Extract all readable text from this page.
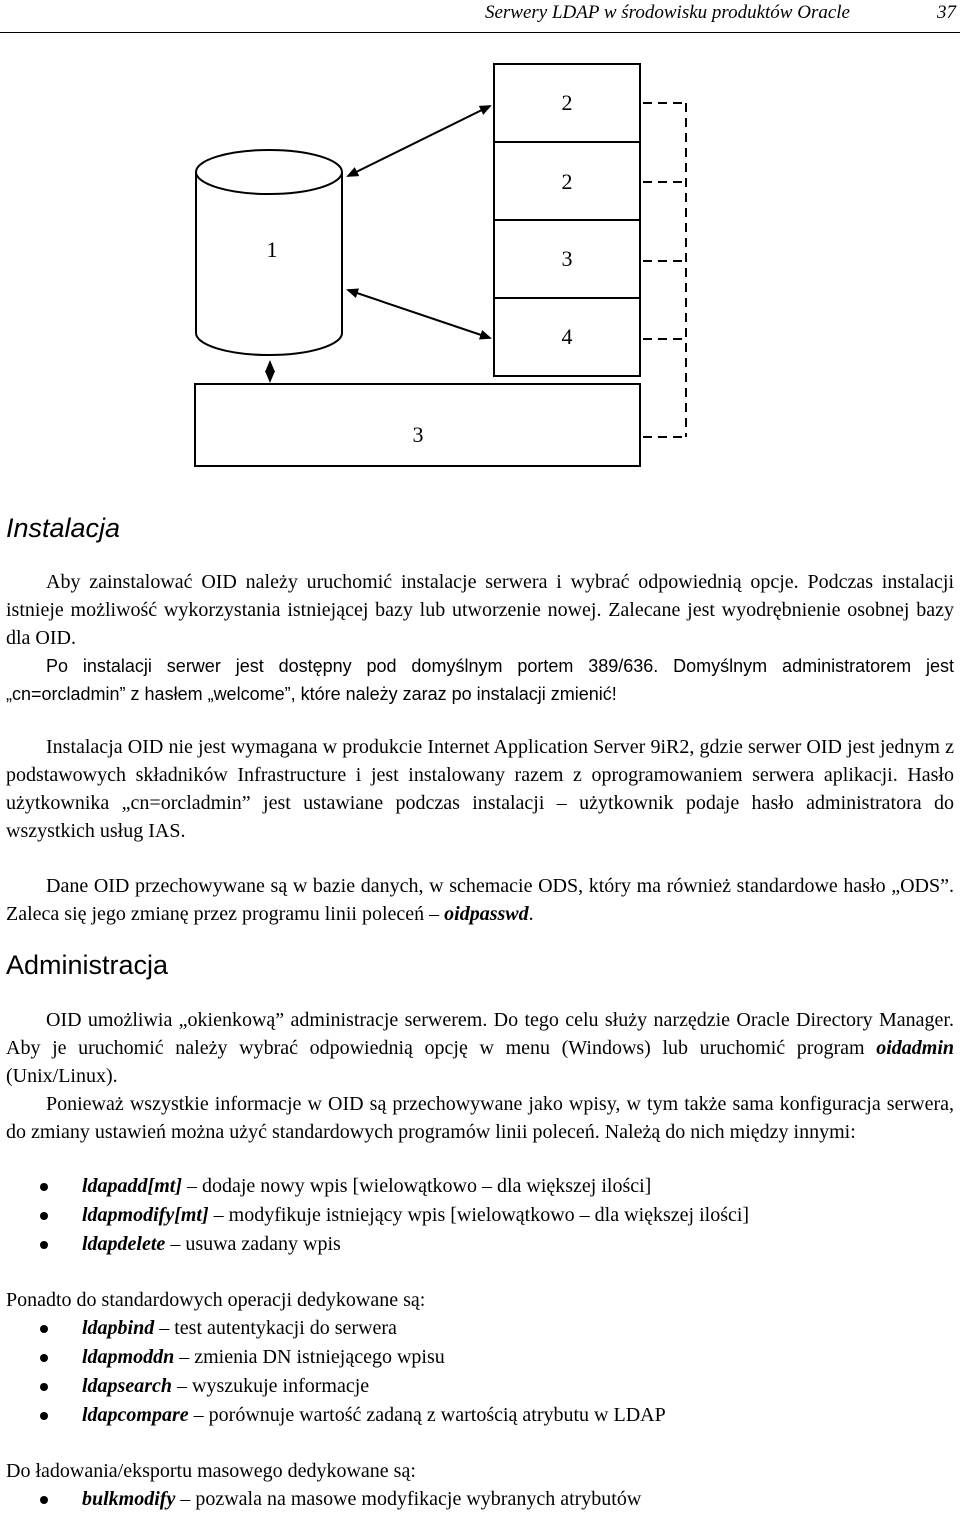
Serwery LDAP w środowisku produktów Oracle	37
1
2
2
3
4
3
Instalacja

Aby zainstalować OID należy uruchomić instalacje serwera i wybrać odpowiednią opcje. Podczas instalacji istnieje możliwość wykorzystania istniejącej bazy lub utworzenie nowej. Zalecane jest wyodrębnienie osobnej bazy dla OID.

Po instalacji serwer jest dostępny pod domyślnym portem 389/636. Domyślnym administratorem jest „cn=orcladmin” z hasłem „welcome”, które należy zaraz po instalacji zmienić!

Instalacja OID nie jest wymagana w produkcie Internet Application Server 9iR2, gdzie serwer OID jest jednym z podstawowych składników Infrastructure i jest instalowany razem z oprogramowaniem serwera aplikacji. Hasło użytkownika „cn=orcladmin” jest ustawiane podczas instalacji – użytkownik podaje hasło administratora do wszystkich usług IAS.

Dane OID przechowywane są w bazie danych, w schemacie ODS, który ma również standardowe hasło „ODS”. Zaleca się jego zmianę przez programu linii poleceń – oidpasswd.

Administracja

OID umożliwia „okienkową” administracje serwerem. Do tego celu służy narzędzie Oracle Directory Manager. Aby je uruchomić należy wybrać odpowiednią opcję w menu (Windows) lub uruchomić program oidadmin (Unix/Linux).

Ponieważ wszystkie informacje w OID są przechowywane jako wpisy, w tym także sama konfiguracja serwera, do zmiany ustawień można użyć standardowych programów linii poleceń. Należą do nich między innymi:

ldapadd[mt] – dodaje nowy wpis [wielowątkowo – dla większej ilości]
ldapmodify[mt] – modyfikuje istniejący wpis [wielowątkowo – dla większej ilości]
ldapdelete – usuwa zadany wpis

Ponadto do standardowych operacji dedykowane są:

ldapbind – test autentykacji do serwera
ldapmoddn – zmienia DN istniejącego wpisu
ldapsearch – wyszukuje informacje
ldapcompare – porównuje wartość zadaną z wartością atrybutu w LDAP

Do ładowania/eksportu masowego dedykowane są:

bulkmodify – pozwala na masowe modyfikacje wybranych atrybutów
